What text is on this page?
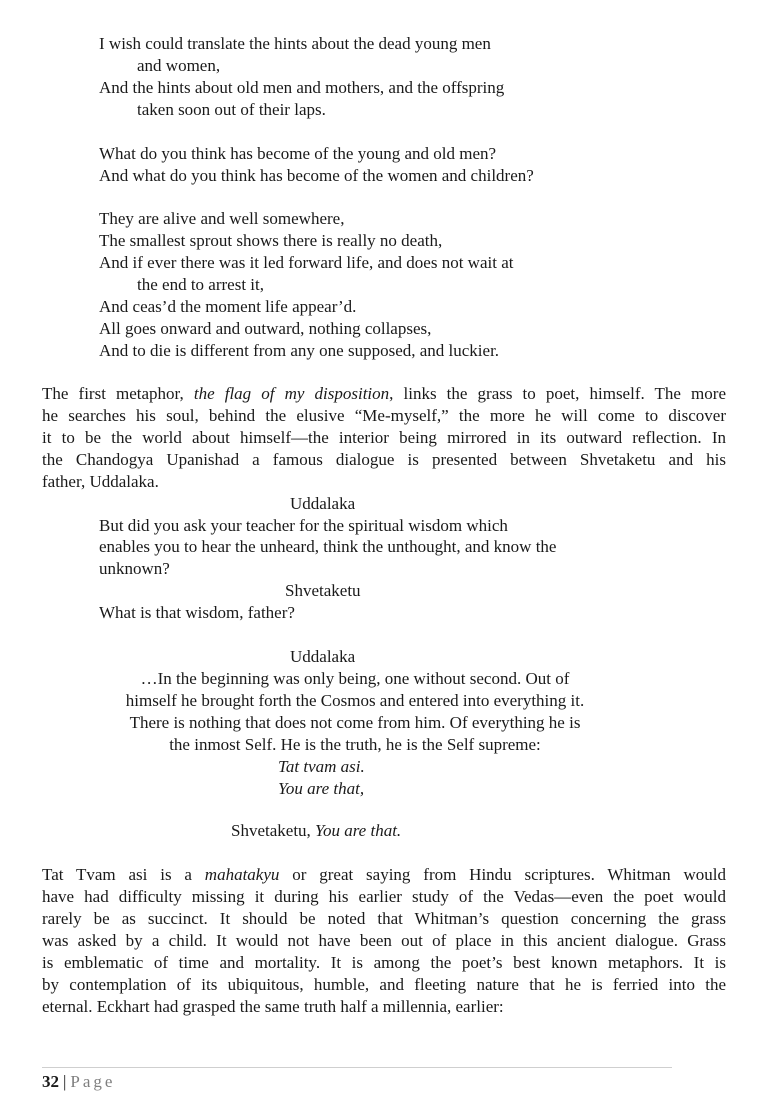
I wish could translate the hints about the dead young men
and women,
And the hints about old men and mothers, and the offspring
taken soon out of their laps.
What do you think has become of the young and old men?
And what do you think has become of the women and children?
They are alive and well somewhere,
The smallest sprout shows there is really no death,
And if ever there was it led forward life, and does not wait at
the end to arrest it,
And ceas’d the moment life appear’d.
All goes onward and outward, nothing collapses,
And to die is different from any one supposed, and luckier.
The first metaphor, the flag of my disposition, links the grass to poet, himself. The more
he searches his soul, behind the elusive “Me-myself,” the more he will come to discover
it to be the world about himself—the interior being mirrored in its outward reflection. In
the Chandogya Upanishad a famous dialogue is presented between Shvetaketu and his
father, Uddalaka.
Uddalaka
But did you ask your teacher for the spiritual wisdom which
enables you to hear the unheard, think the unthought, and know the
unknown?
Shvetaketu
What is that wisdom, father?
Uddalaka
…In the beginning was only being, one without second. Out of
himself he brought forth the Cosmos and entered into everything it.
There is nothing that does not come from him. Of everything he is
the inmost Self. He is the truth, he is the Self supreme:
Tat tvam asi.
You are that,
Shvetaketu, You are that.
Tat Tvam asi is a mahatakyu or great saying from Hindu scriptures. Whitman would
have had difficulty missing it during his earlier study of the Vedas—even the poet would
rarely be as succinct. It should be noted that Whitman’s question concerning the grass
was asked by a child. It would not have been out of place in this ancient dialogue. Grass
is emblematic of time and mortality. It is among the poet’s best known metaphors. It is
by contemplation of its ubiquitous, humble, and fleeting nature that he is ferried into the
eternal. Eckhart had grasped the same truth half a millennia, earlier:
32 | Page
